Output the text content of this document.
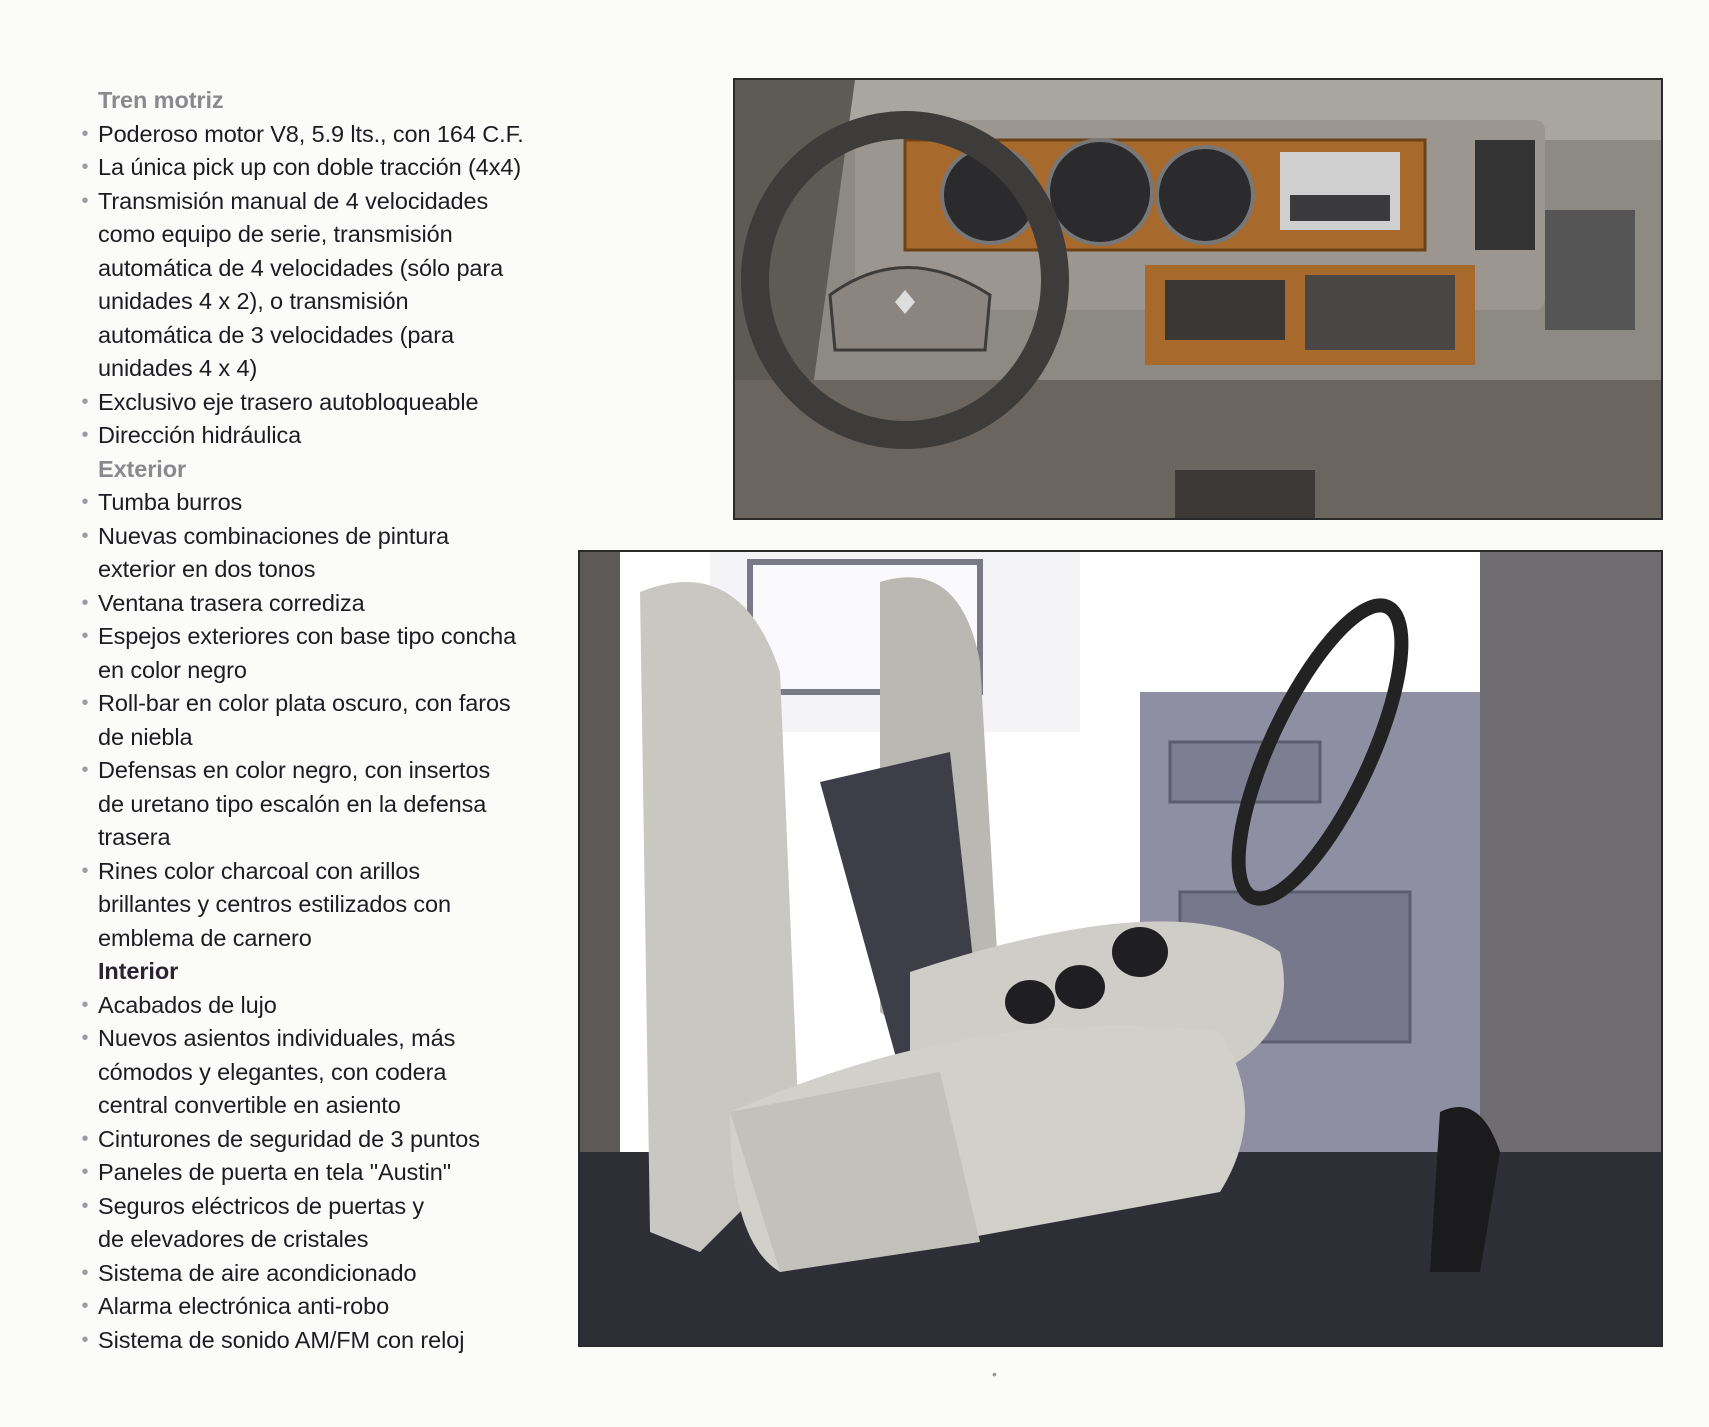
Tren motriz
• Poderoso motor V8, 5.9 lts., con 164 C.F.
• La única pick up con doble tracción (4x4)
• Transmisión manual de 4 velocidades
como equipo de serie, transmisión
automática de 4 velocidades (sólo para
unidades 4 x 2), o transmisión
automática de 3 velocidades (para
unidades 4 x 4)
• Exclusivo eje trasero autobloqueable
• Dirección hidráulica
Exterior
• Tumba burros
• Nuevas combinaciones de pintura
exterior en dos tonos
• Ventana trasera corrediza
• Espejos exteriores con base tipo concha
en color negro
• Roll-bar en color plata oscuro, con faros
de niebla
• Defensas en color negro, con insertos
de uretano tipo escalón en la defensa
trasera
• Rines color charcoal con arillos
brillantes y centros estilizados con
emblema de carnero
Interior
• Acabados de lujo
• Nuevos asientos individuales, más
cómodos y elegantes, con codera
central convertible en asiento
• Cinturones de seguridad de 3 puntos
• Paneles de puerta en tela "Austin"
• Seguros eléctricos de puertas y
de elevadores de cristales
• Sistema de aire acondicionado
• Alarma electrónica anti-robo
• Sistema de sonido AM/FM con reloj
•
